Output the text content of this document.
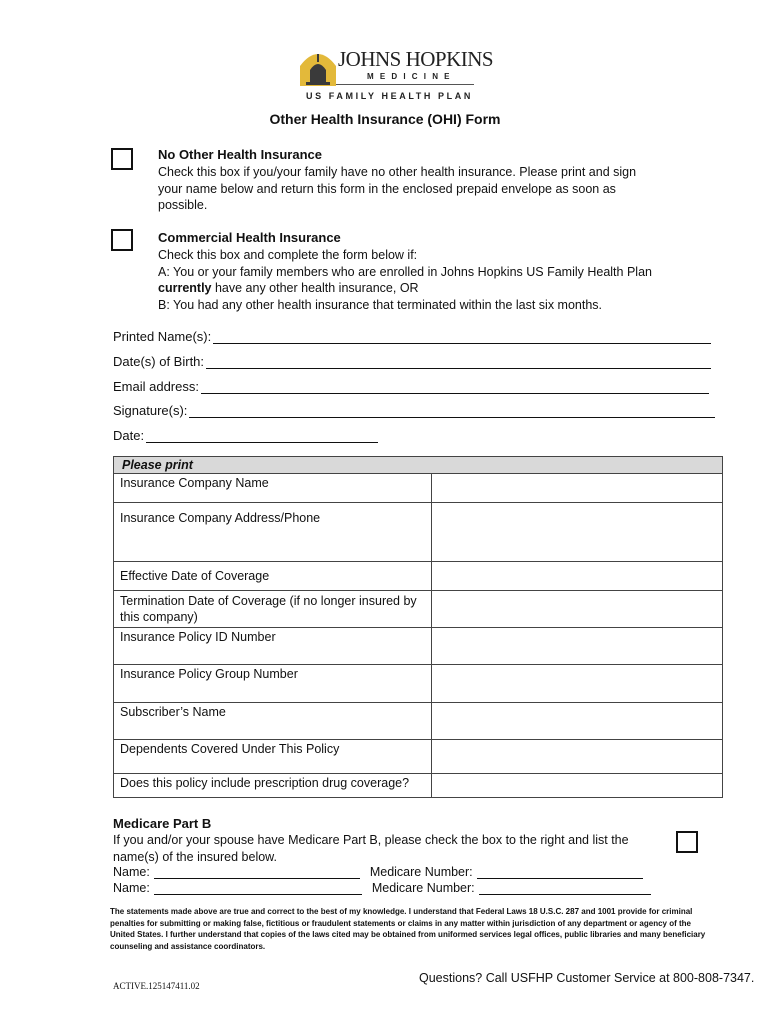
JOHNS HOPKINS
MEDICINE
US FAMILY HEALTH PLAN
Other Health Insurance (OHI) Form
No Other Health Insurance
Check this box if you/your family have no other health insurance. Please print and sign your name below and return this form in the enclosed prepaid envelope as soon as possible.
Commercial Health Insurance
Check this box and complete the form below if:
A: You or your family members who are enrolled in Johns Hopkins US Family Health Plan
currently have any other health insurance, OR
B: You had any other health insurance that terminated within the last six months.
Printed Name(s):
Date(s) of Birth:
Email address:
Signature(s):
Date:
Please print	
Insurance Company Name	
Insurance Company Address/Phone	
Effective Date of Coverage	
Termination Date of Coverage (if no longer insured by this company)	
Insurance Policy ID Number	
Insurance Policy Group Number	
Subscriber’s Name	
Dependents Covered Under This Policy	
Does this policy include prescription drug coverage?	
Medicare Part B
If you and/or your spouse have Medicare Part B, please check the box to the right and list the name(s) of the insured below.
Name:	Medicare Number:
Name:	Medicare Number:
The statements made above are true and correct to the best of my knowledge. I understand that Federal Laws 18 U.S.C. 287 and 1001 provide for criminal penalties for submitting or making false, fictitious or fraudulent statements or claims in any matter within jurisdiction of any department or agency of the United States. I further understand that copies of the laws cited may be obtained from uniformed services legal offices, public libraries and many beneficiary counseling and assistance coordinators.
ACTIVE.125147411.02
Questions? Call USFHP Customer Service at 800-808-7347.
